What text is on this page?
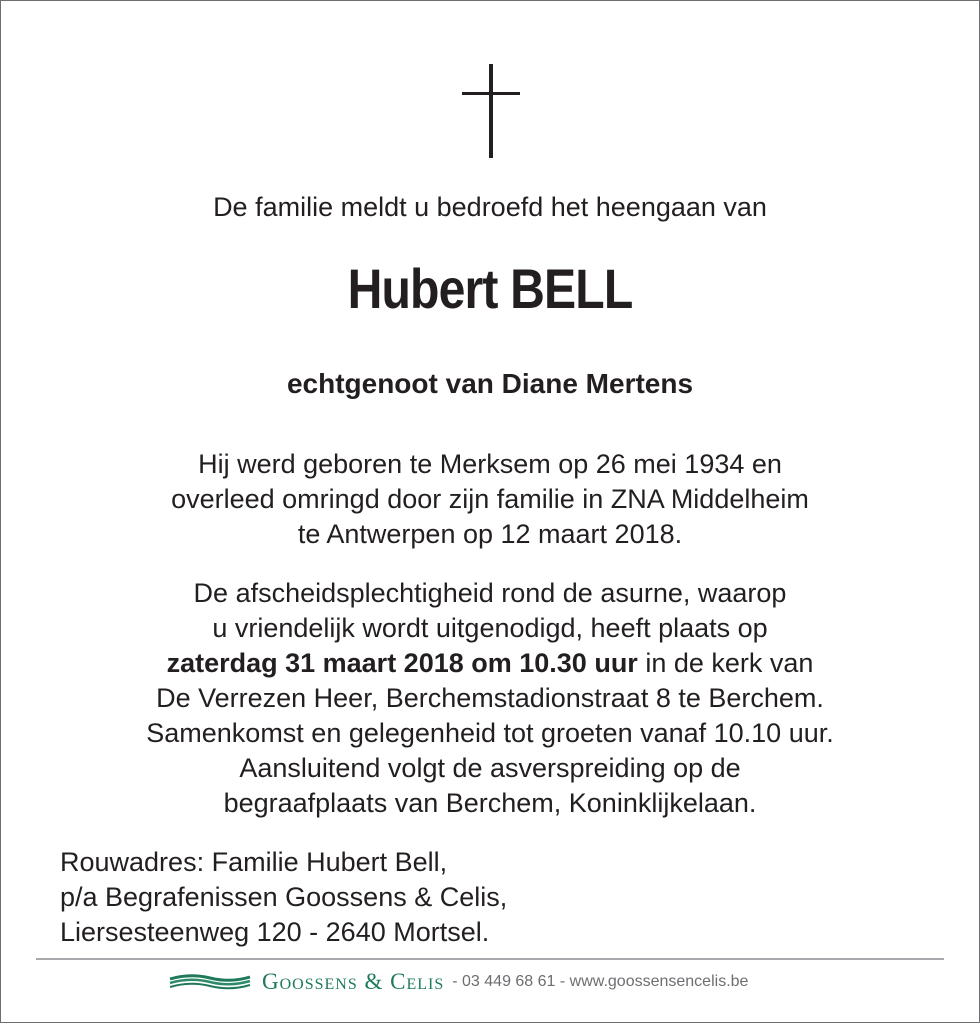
De familie meldt u bedroefd het heengaan van
Hubert BELL
echtgenoot van Diane Mertens
Hij werd geboren te Merksem op 26 mei 1934 en
overleed omringd door zijn familie in ZNA Middelheim
te Antwerpen op 12 maart 2018.
De afscheidsplechtigheid rond de asurne, waarop
u vriendelijk wordt uitgenodigd, heeft plaats op
zaterdag 31 maart 2018 om 10.30 uur in de kerk van
De Verrezen Heer, Berchemstadionstraat 8 te Berchem.
Samenkomst en gelegenheid tot groeten vanaf 10.10 uur.
Aansluitend volgt de asverspreiding op de
begraafplaats van Berchem, Koninklijkelaan.
Rouwadres: Familie Hubert Bell,
p/a Begrafenissen Goossens & Celis,
Liersesteenweg 120 - 2640 Mortsel.
Goossens & Celis - 03 449 68 61 - www.goossensencelis.be
